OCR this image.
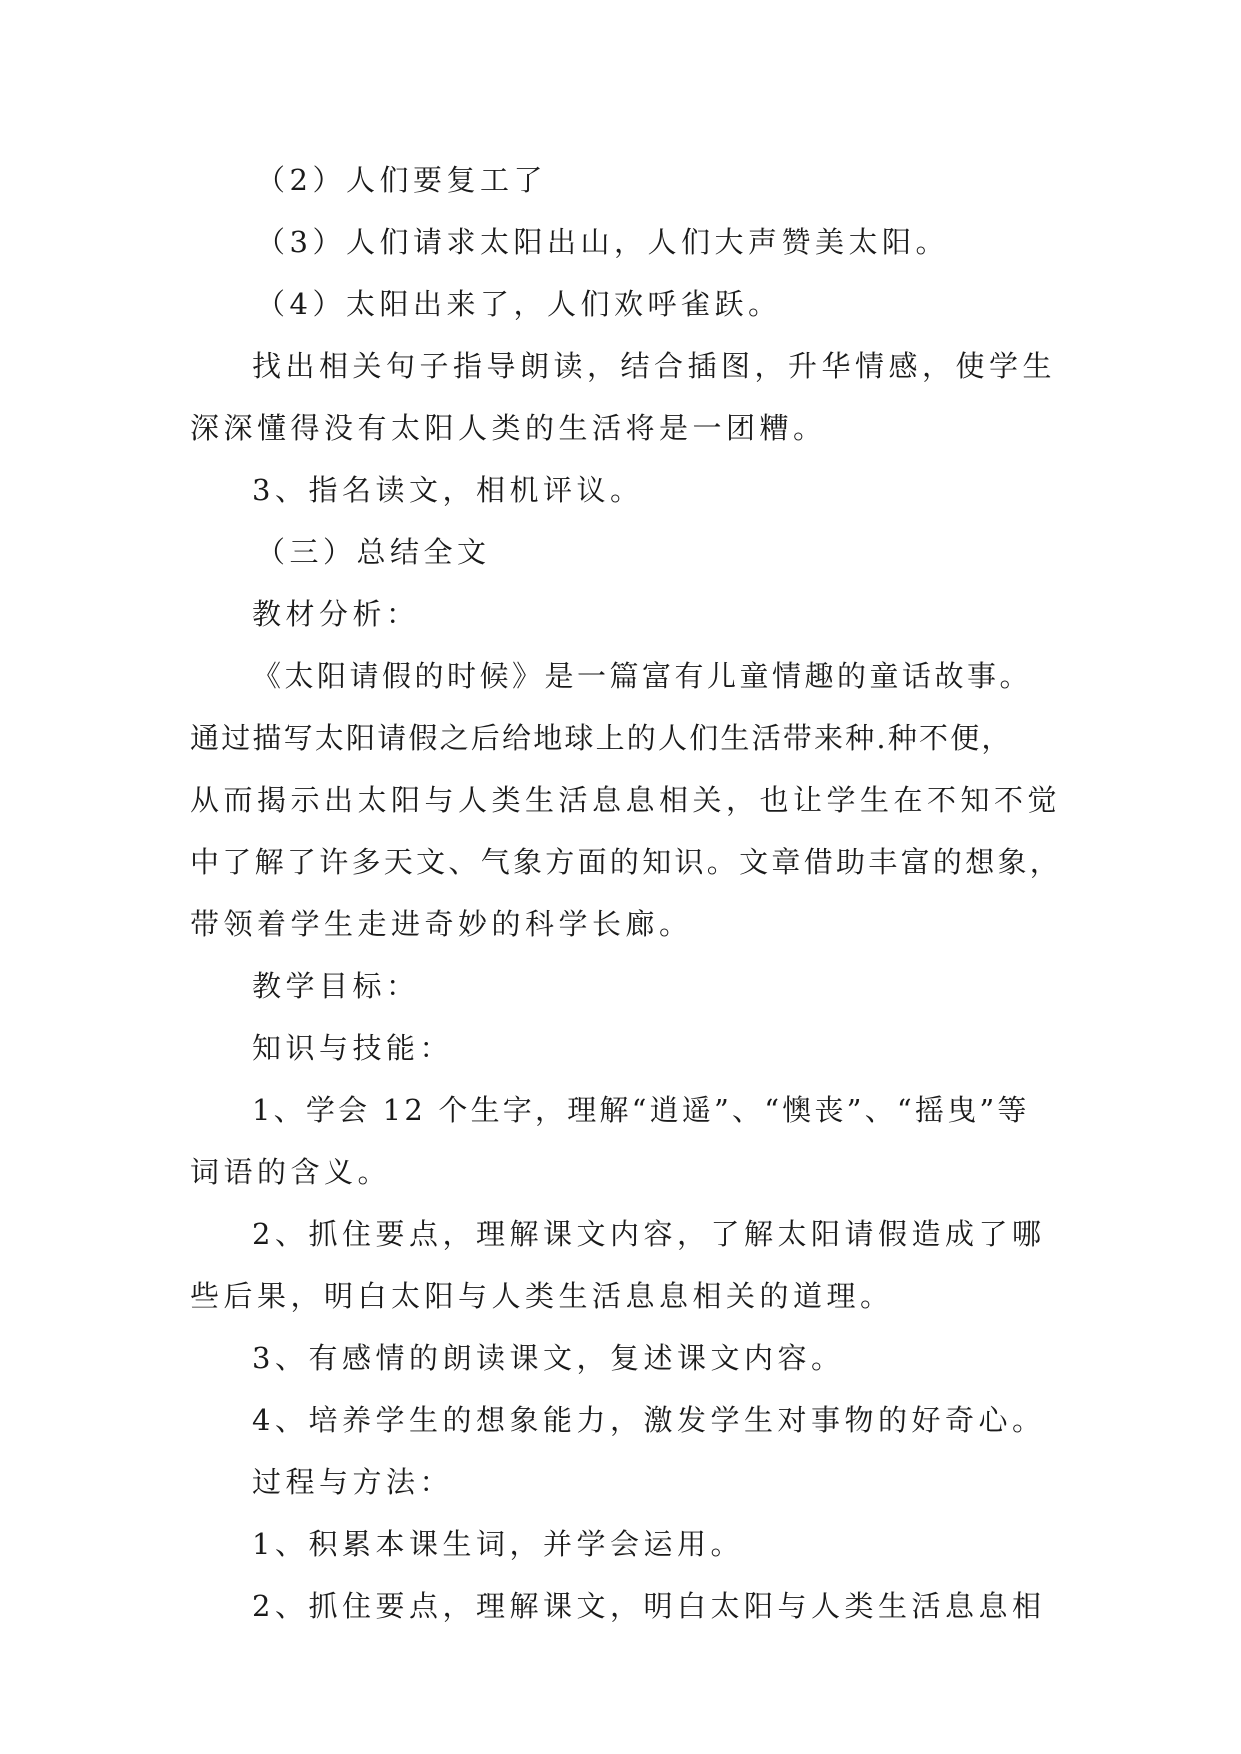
（2）人们要复工了
（3）人们请求太阳出山，人们大声赞美太阳。
（4）太阳出来了，人们欢呼雀跃。
找出相关句子指导朗读，结合插图，升华情感，使学生
深深懂得没有太阳人类的生活将是一团糟。
3、指名读文，相机评议。
（三）总结全文
教材分析：
《太阳请假的时候》是一篇富有儿童情趣的童话故事。
通过描写太阳请假之后给地球上的人们生活带来种.种不便，
从而揭示出太阳与人类生活息息相关，也让学生在不知不觉
中了解了许多天文、气象方面的知识。文章借助丰富的想象，
带领着学生走进奇妙的科学长廊。
教学目标：
知识与技能：
1、学会 12 个生字，理解“逍遥”、“懊丧”、“摇曳”等
词语的含义。
2、抓住要点，理解课文内容，了解太阳请假造成了哪
些后果，明白太阳与人类生活息息相关的道理。
3、有感情的朗读课文，复述课文内容。
4、培养学生的想象能力，激发学生对事物的好奇心。
过程与方法：
1、积累本课生词，并学会运用。
2、抓住要点，理解课文，明白太阳与人类生活息息相
